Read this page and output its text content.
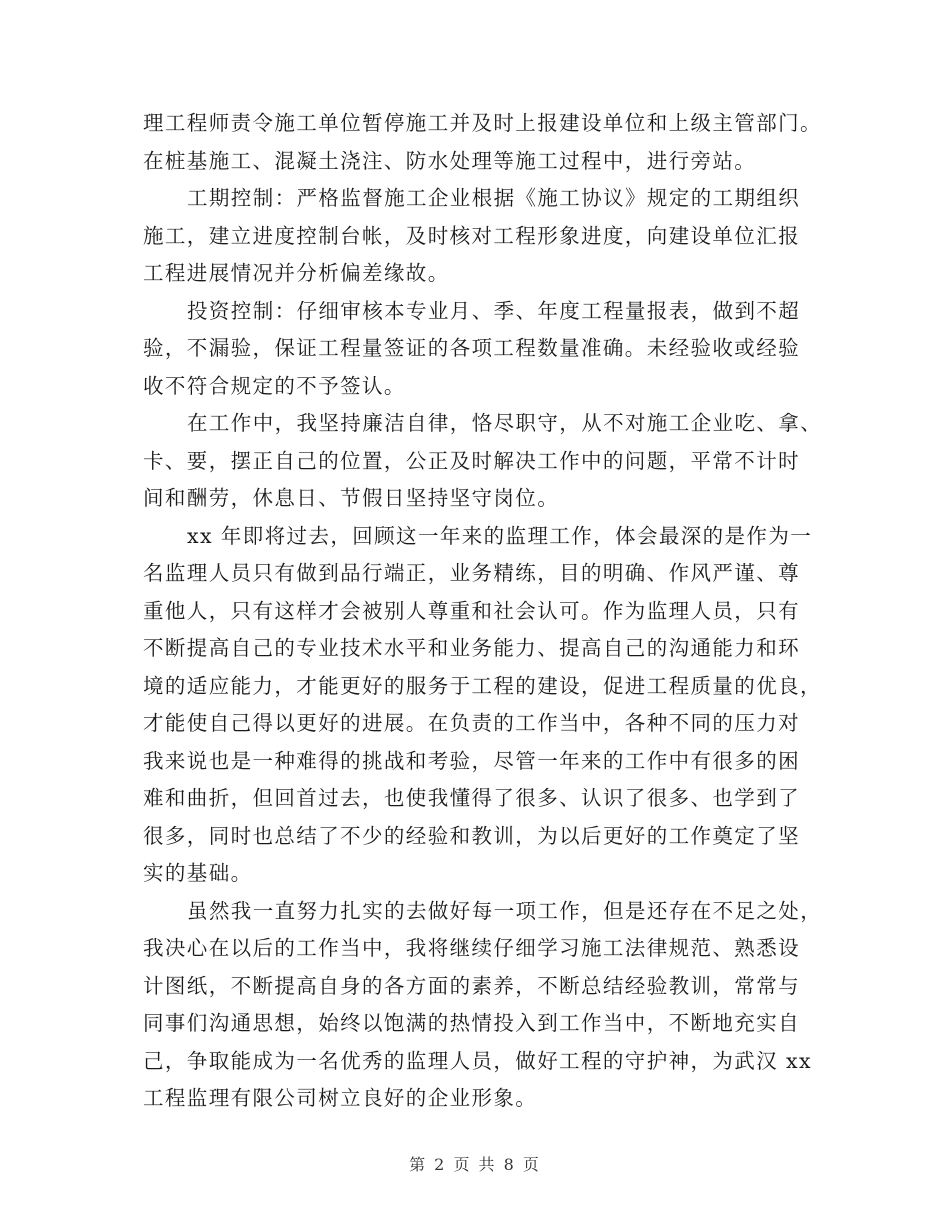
理工程师责令施工单位暂停施工并及时上报建设单位和上级主管部门。
在桩基施工、混凝土浇注、防水处理等施工过程中，进行旁站。
工期控制：严格监督施工企业根据《施工协议》规定的工期组织
施工，建立进度控制台帐，及时核对工程形象进度，向建设单位汇报
工程进展情况并分析偏差缘故。
投资控制：仔细审核本专业月、季、年度工程量报表，做到不超
验，不漏验，保证工程量签证的各项工程数量准确。未经验收或经验
收不符合规定的不予签认。
在工作中，我坚持廉洁自律，恪尽职守，从不对施工企业吃、拿、
卡、要，摆正自己的位置，公正及时解决工作中的问题，平常不计时
间和酬劳，休息日、节假日坚持坚守岗位。
xx 年即将过去，回顾这一年来的监理工作，体会最深的是作为一
名监理人员只有做到品行端正，业务精练，目的明确、作风严谨、尊
重他人，只有这样才会被别人尊重和社会认可。作为监理人员，只有
不断提高自己的专业技术水平和业务能力、提高自己的沟通能力和环
境的适应能力，才能更好的服务于工程的建设，促进工程质量的优良，
才能使自己得以更好的进展。在负责的工作当中，各种不同的压力对
我来说也是一种难得的挑战和考验，尽管一年来的工作中有很多的困
难和曲折，但回首过去，也使我懂得了很多、认识了很多、也学到了
很多，同时也总结了不少的经验和教训，为以后更好的工作奠定了坚
实的基础。
虽然我一直努力扎实的去做好每一项工作，但是还存在不足之处，
我决心在以后的工作当中，我将继续仔细学习施工法律规范、熟悉设
计图纸，不断提高自身的各方面的素养，不断总结经验教训，常常与
同事们沟通思想，始终以饱满的热情投入到工作当中，不断地充实自
己，争取能成为一名优秀的监理人员，做好工程的守护神，为武汉 xx
工程监理有限公司树立良好的企业形象。
第 2 页 共 8 页
